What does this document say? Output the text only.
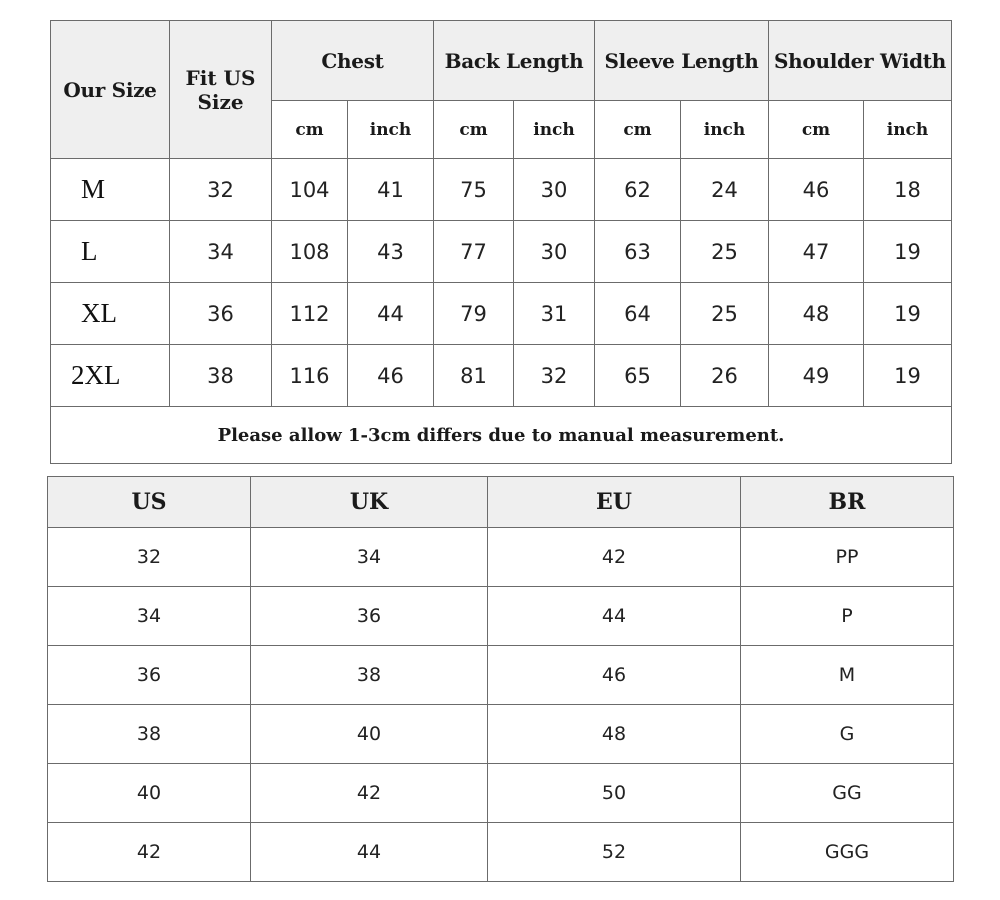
Our Size	Fit US
Size	Chest		Back Length		Sleeve Length		Shoulder Width	
		cm	inch	cm	inch	cm	inch	cm	inch
M	32	104	41	75	30	62	24	46	18
L	34	108	43	77	30	63	25	47	19
XL	36	112	44	79	31	64	25	48	19
2XL	38	116	46	81	32	65	26	49	19
Please allow 1-3cm differs due to manual measurement.									
US	UK	EU	BR
32	34	42	PP
34	36	44	P
36	38	46	M
38	40	48	G
40	42	50	GG
42	44	52	GGG
